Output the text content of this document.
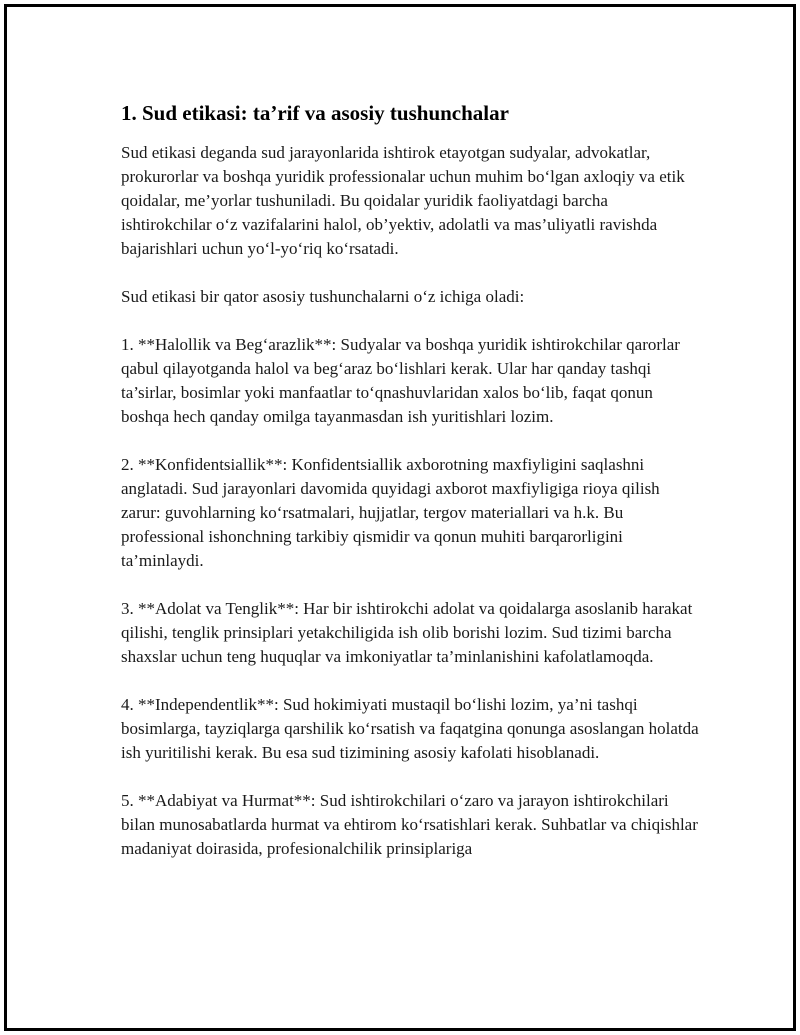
1. Sud etikasi: ta’rif va asosiy tushunchalar

Sud etikasi deganda sud jarayonlarida ishtirok etayotgan sudyalar, advokatlar, prokurorlar va boshqa yuridik professionalar uchun muhim bo‘lgan axloqiy va etik qoidalar, me’yorlar tushuniladi. Bu qoidalar yuridik faoliyatdagi barcha ishtirokchilar o‘z vazifalarini halol, ob’yektiv, adolatli va mas’uliyatli ravishda bajarishlari uchun yo‘l-yo‘riq ko‘rsatadi.

Sud etikasi bir qator asosiy tushunchalarni o‘z ichiga oladi:

1. **Halollik va Beg‘arazlik**: Sudyalar va boshqa yuridik ishtirokchilar qarorlar qabul qilayotganda halol va beg‘araz bo‘lishlari kerak. Ular har qanday tashqi ta’sirlar, bosimlar yoki manfaatlar to‘qnashuvlaridan xalos bo‘lib, faqat qonun boshqa hech qanday omilga tayanmasdan ish yuritishlari lozim.

2. **Konfidentsiallik**: Konfidentsiallik axborotning maxfiyligini saqlashni anglatadi. Sud jarayonlari davomida quyidagi axborot maxfiyligiga rioya qilish zarur: guvohlarning ko‘rsatmalari, hujjatlar, tergov materiallari va h.k. Bu professional ishonchning tarkibiy qismidir va qonun muhiti barqarorligini ta’minlaydi.

3. **Adolat va Tenglik**: Har bir ishtirokchi adolat va qoidalarga asoslanib harakat qilishi, tenglik prinsiplari yetakchiligida ish olib borishi lozim. Sud tizimi barcha shaxslar uchun teng huquqlar va imkoniyatlar ta’minlanishini kafolatlamoqda.

4. **Independentlik**: Sud hokimiyati mustaqil bo‘lishi lozim, ya’ni tashqi bosimlarga, tayziqlarga qarshilik ko‘rsatish va faqatgina qonunga asoslangan holatda ish yuritilishi kerak. Bu esa sud tizimining asosiy kafolati hisoblanadi.

5. **Adabiyat va Hurmat**: Sud ishtirokchilari o‘zaro va jarayon ishtirokchilari bilan munosabatlarda hurmat va ehtirom ko‘rsatishlari kerak. Suhbatlar va chiqishlar madaniyat doirasida, profesionalchilik prinsiplariga
